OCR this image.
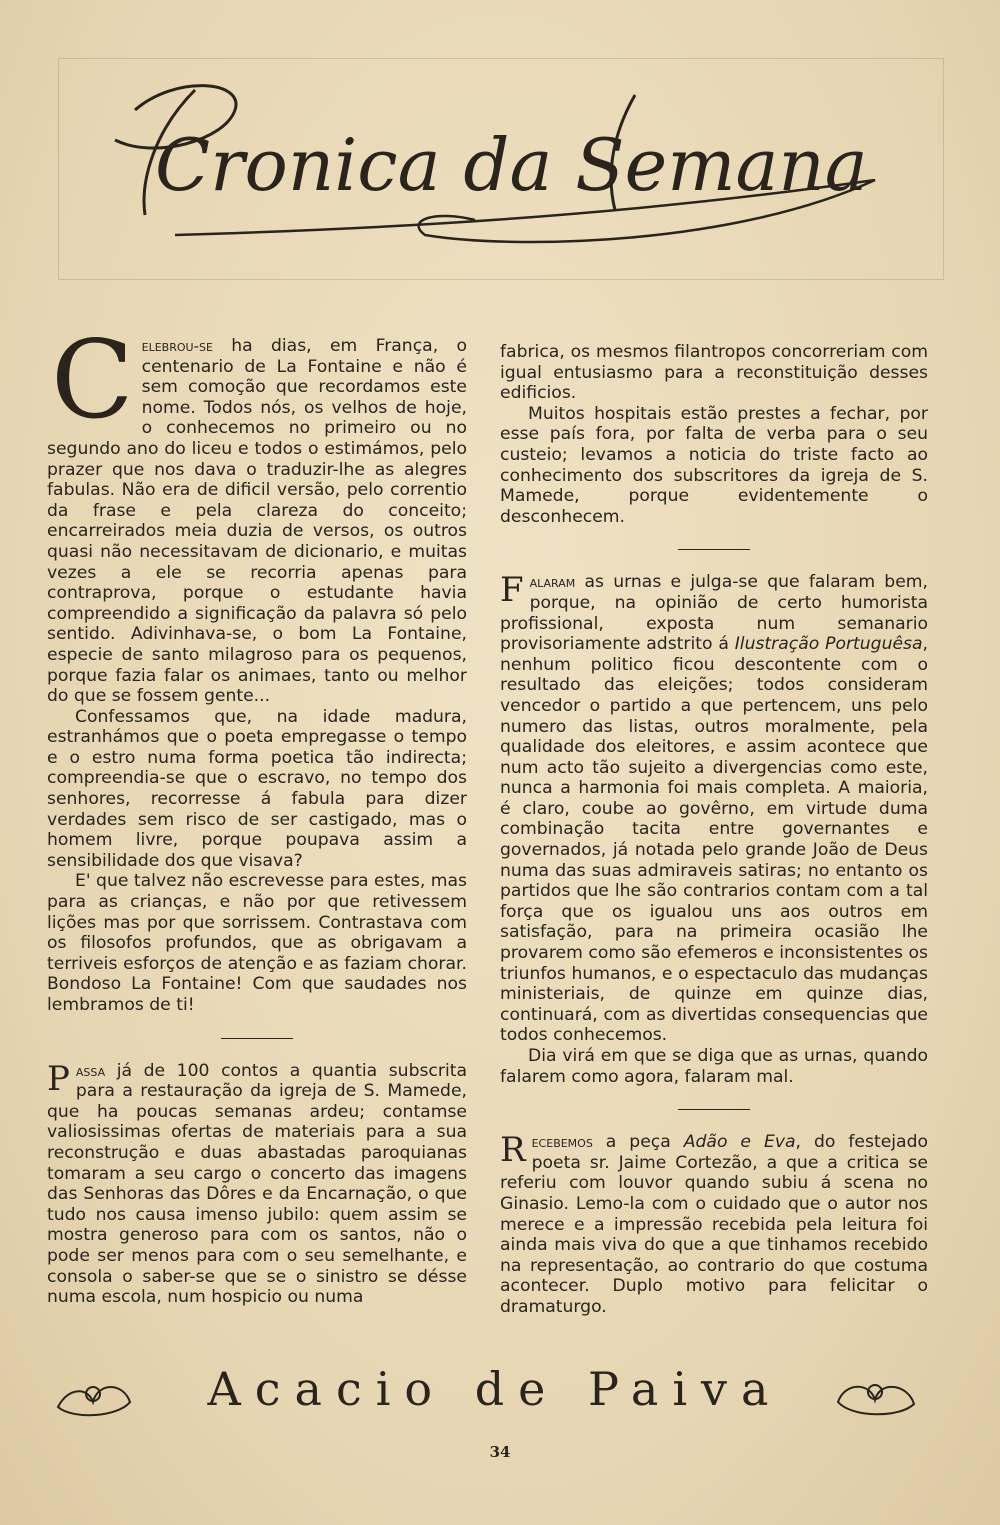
Cronica da Semana

Celebrou-se ha dias, em França, o centenario de La Fontaine e não é sem comoção que recordamos este nome. Todos nós, os velhos de hoje, o conhecemos no primeiro ou no segundo ano do liceu e todos o estimámos, pelo prazer que nos dava o traduzir-lhe as alegres fabulas. Não era de dificil versão, pelo correntio da frase e pela clareza do conceito; encarreirados meia duzia de versos, os outros quasi não necessitavam de dicionario, e muitas vezes a ele se recorria apenas para contraprova, porque o estudante havia compreendido a significação da palavra só pelo sentido. Adivinhava-se, o bom La Fontaine, especie de santo milagroso para os pequenos, porque fazia falar os animaes, tanto ou melhor do que se fossem gente...

Confessamos que, na idade madura, estranhámos que o poeta empregasse o tempo e o estro numa forma poetica tão indirecta; compreendia-se que o escravo, no tempo dos senhores, recorresse á fabula para dizer verdades sem risco de ser castigado, mas o homem livre, porque poupava assim a sensibilidade dos que visava?

E' que talvez não escrevesse para estes, mas para as crianças, e não por que retivessem lições mas por que sorrissem. Contrastava com os filosofos profundos, que as obrigavam a terriveis esforços de atenção e as faziam chorar. Bondoso La Fontaine! Com que saudades nos lembramos de ti!

Passa já de 100 contos a quantia subscrita para a restauração da igreja de S. Mamede, que ha poucas semanas ardeu; contamse valiosissimas ofertas de materiais para a sua reconstrução e duas abastadas paroquianas tomaram a seu cargo o concerto das imagens das Senhoras das Dôres e da Encarnação, o que tudo nos causa imenso jubilo: quem assim se mostra generoso para com os santos, não o pode ser menos para com o seu semelhante, e consola o saber-se que se o sinistro se désse numa escola, num hospicio ou numa

fabrica, os mesmos filantropos concorreriam com igual entusiasmo para a reconstituição desses edificios.

Muitos hospitais estão prestes a fechar, por esse país fora, por falta de verba para o seu custeio; levamos a noticia do triste facto ao conhecimento dos subscritores da igreja de S. Mamede, porque evidentemente o desconhecem.

Falaram as urnas e julga-se que falaram bem, porque, na opinião de certo humorista profissional, exposta num semanario provisoriamente adstrito á Ilustração Portuguêsa, nenhum politico ficou descontente com o resultado das eleições; todos consideram vencedor o partido a que pertencem, uns pelo numero das listas, outros moralmente, pela qualidade dos eleitores, e assim acontece que num acto tão sujeito a divergencias como este, nunca a harmonia foi mais completa. A maioria, é claro, coube ao govêrno, em virtude duma combinação tacita entre governantes e governados, já notada pelo grande João de Deus numa das suas admiraveis satiras; no entanto os partidos que lhe são contrarios contam com a tal força que os igualou uns aos outros em satisfação, para na primeira ocasião lhe provarem como são efemeros e inconsistentes os triunfos humanos, e o espectaculo das mudanças ministeriais, de quinze em quinze dias, continuará, com as divertidas consequencias que todos conhecemos.

Dia virá em que se diga que as urnas, quando falarem como agora, falaram mal.

Recebemos a peça Adão e Eva, do festejado poeta sr. Jaime Cortezão, a que a critica se referiu com louvor quando subiu á scena no Ginasio. Lemo-la com o cuidado que o autor nos merece e a impressão recebida pela leitura foi ainda mais viva do que a que tinhamos recebido na representação, ao contrario do que costuma acontecer. Duplo motivo para felicitar o dramaturgo.

Acacio de Paiva
34
